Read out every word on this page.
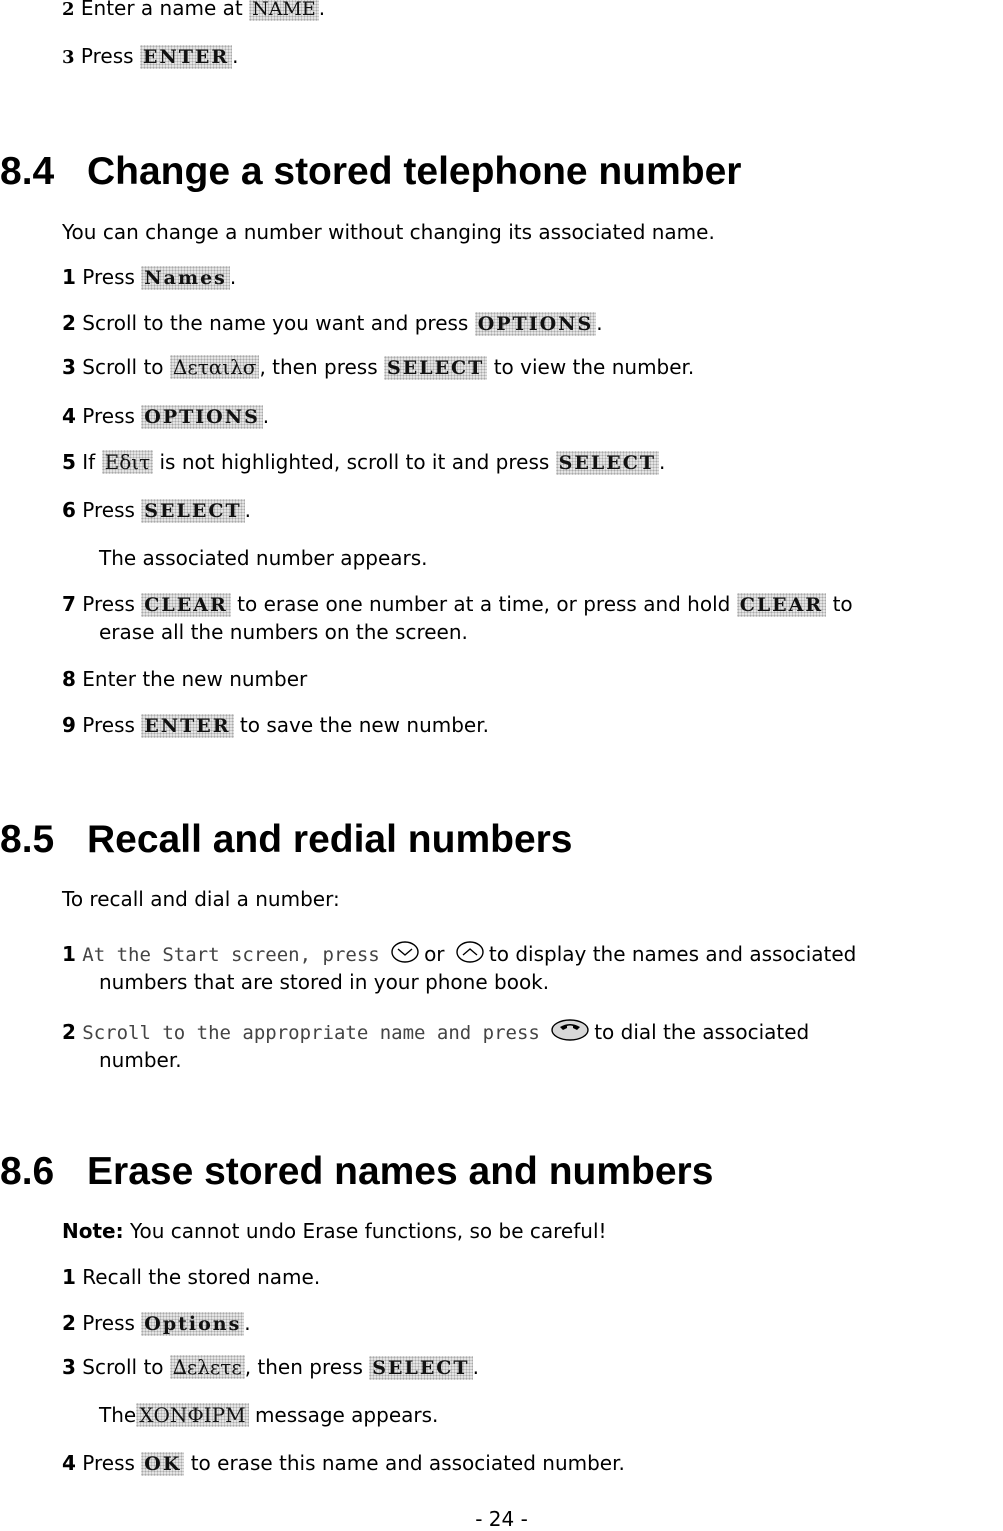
2 Enter a name at NAME .
3 Press ENTER .
8.4 Change a stored telephone number
You can change a number without changing its associated name.
1 Press Names .
2 Scroll to the name you want and press OPTIONS .
3 Scroll to Δεταιλσ , then press SELECT to view the number.
4 Press OPTIONS .
5 If Εδιτ is not highlighted, scroll to it and press SELECT .
6 Press SELECT .
The associated number appears.
7 Press CLEAR to erase one number at a time, or press and hold CLEAR to
erase all the numbers on the screen.
8 Enter the new number
9 Press ENTER to save the new number.
8.5 Recall and redial numbers
To recall and dial a number:
1 At the Start screen, press or to display the names and associated
numbers that are stored in your phone book.
2 Scroll to the appropriate name and press	to dial the associated
number.
8.6 Erase stored names and numbers
Note: You cannot undo Erase functions, so be careful!
1 Recall the stored name.
2 Press Options .
3 Scroll to ∆ελετε , then press SELECT .
The ΧΟΝΦΙΡΜ message appears.
4 Press OK to erase this name and associated number.
- 24 -
